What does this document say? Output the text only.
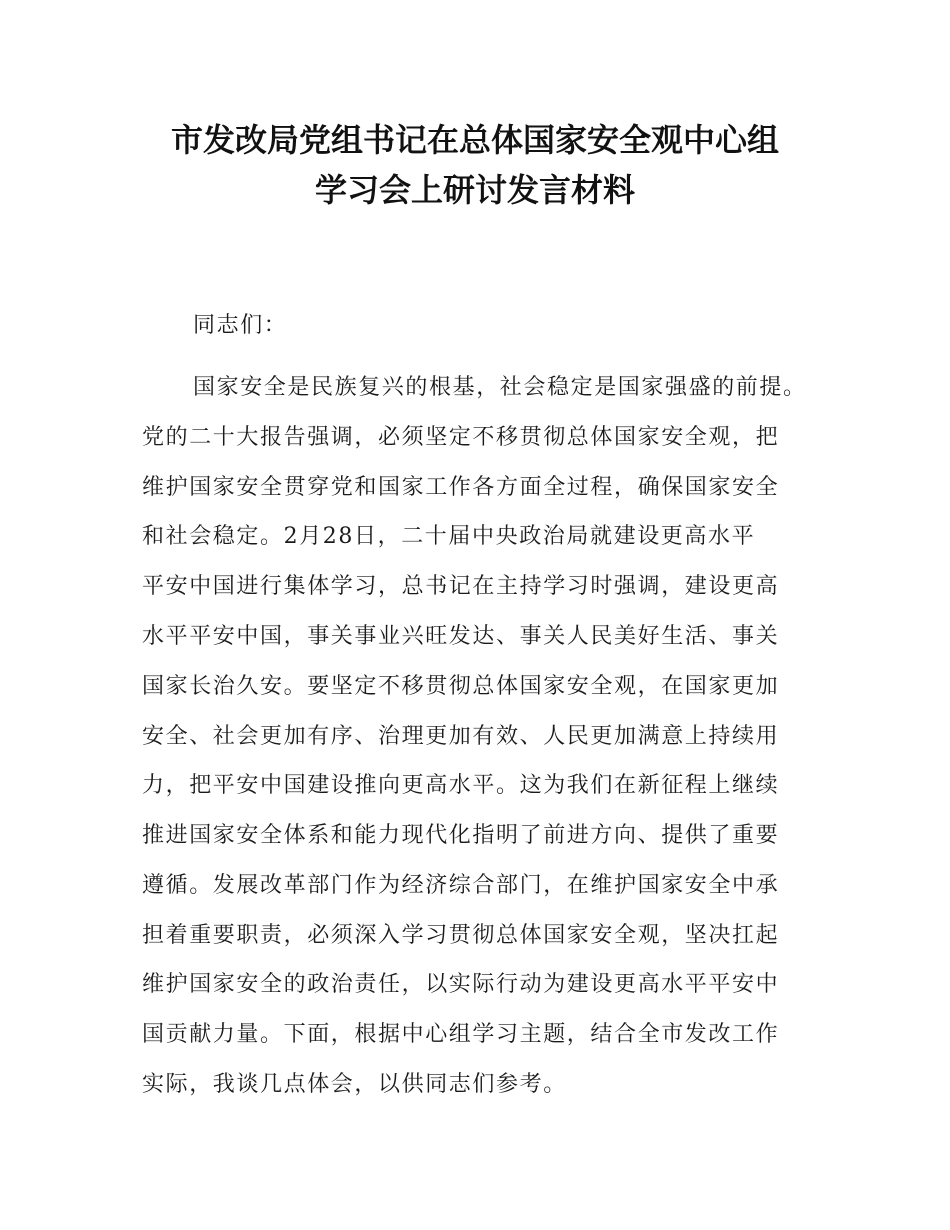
市发改局党组书记在总体国家安全观中心组
学习会上研讨发言材料
同志们：
国家安全是民族复兴的根基，社会稳定是国家强盛的前提。
党的二十大报告强调，必须坚定不移贯彻总体国家安全观，把
维护国家安全贯穿党和国家工作各方面全过程，确保国家安全
和社会稳定。2月28日，二十届中央政治局就建设更高水平
平安中国进行集体学习，总书记在主持学习时强调，建设更高
水平平安中国，事关事业兴旺发达、事关人民美好生活、事关
国家长治久安。要坚定不移贯彻总体国家安全观，在国家更加
安全、社会更加有序、治理更加有效、人民更加满意上持续用
力，把平安中国建设推向更高水平。这为我们在新征程上继续
推进国家安全体系和能力现代化指明了前进方向、提供了重要
遵循。发展改革部门作为经济综合部门，在维护国家安全中承
担着重要职责，必须深入学习贯彻总体国家安全观，坚决扛起
维护国家安全的政治责任，以实际行动为建设更高水平平安中
国贡献力量。下面，根据中心组学习主题，结合全市发改工作
实际，我谈几点体会，以供同志们参考。
